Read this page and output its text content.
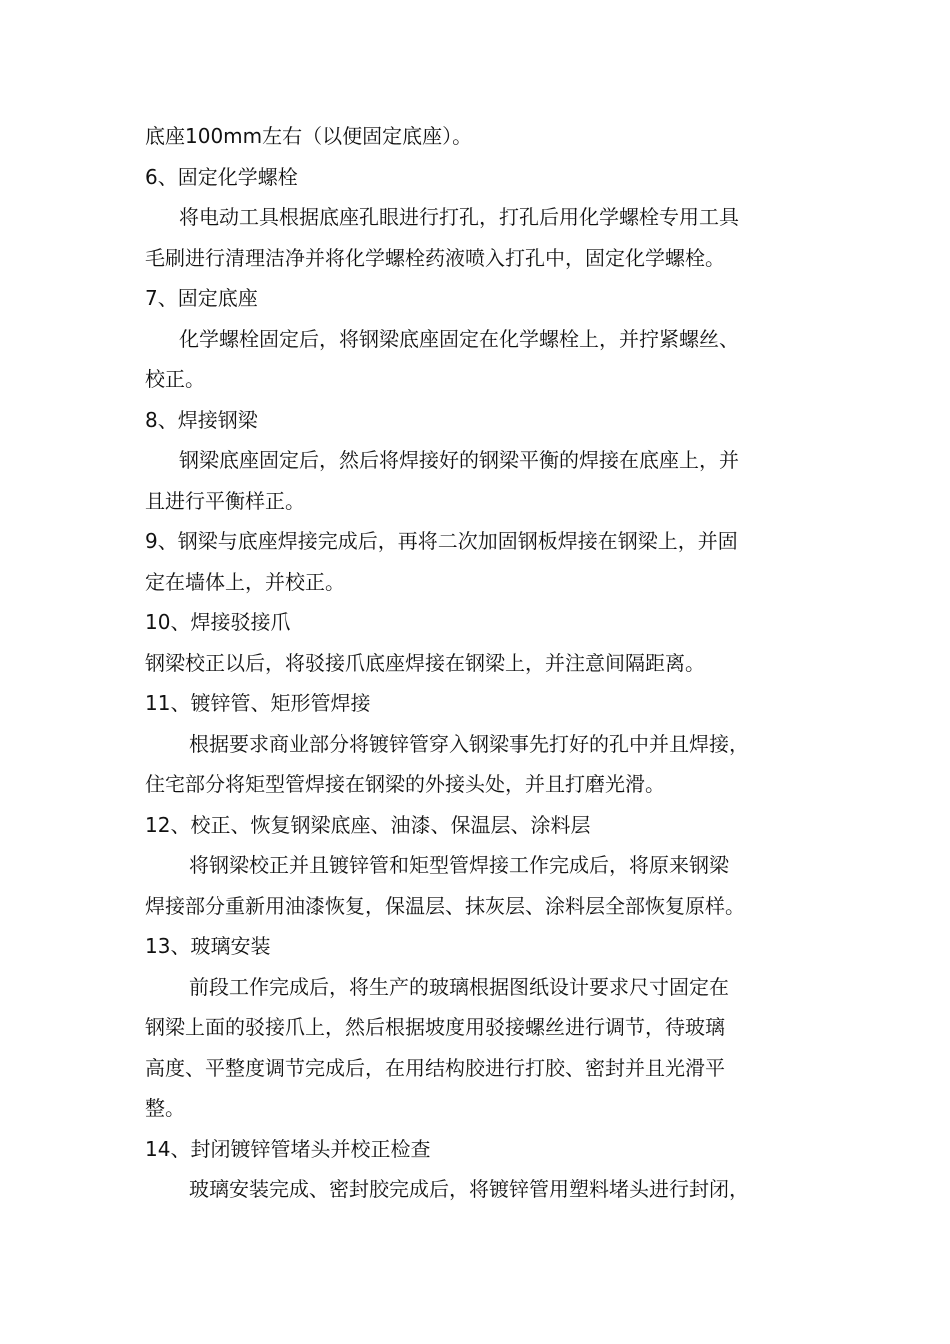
底座100mm左右（以便固定底座）。
6、固定化学螺栓
将电动工具根据底座孔眼进行打孔，打孔后用化学螺栓专用工具
毛刷进行清理洁净并将化学螺栓药液喷入打孔中，固定化学螺栓。
7、固定底座
化学螺栓固定后，将钢梁底座固定在化学螺栓上，并拧紧螺丝、
校正。
8、焊接钢梁
钢梁底座固定后，然后将焊接好的钢梁平衡的焊接在底座上，并
且进行平衡样正。
9、钢梁与底座焊接完成后，再将二次加固钢板焊接在钢梁上，并固
定在墙体上，并校正。
10、焊接驳接爪
钢梁校正以后，将驳接爪底座焊接在钢梁上，并注意间隔距离。
11、镀锌管、矩形管焊接
根据要求商业部分将镀锌管穿入钢梁事先打好的孔中并且焊接，
住宅部分将矩型管焊接在钢梁的外接头处，并且打磨光滑。
12、校正、恢复钢梁底座、油漆、保温层、涂料层
将钢梁校正并且镀锌管和矩型管焊接工作完成后，将原来钢梁
焊接部分重新用油漆恢复，保温层、抹灰层、涂料层全部恢复原样。
13、玻璃安装
前段工作完成后，将生产的玻璃根据图纸设计要求尺寸固定在
钢梁上面的驳接爪上，然后根据坡度用驳接螺丝进行调节，待玻璃
高度、平整度调节完成后，在用结构胶进行打胶、密封并且光滑平
整。
14、封闭镀锌管堵头并校正检查
玻璃安装完成、密封胶完成后，将镀锌管用塑料堵头进行封闭，
